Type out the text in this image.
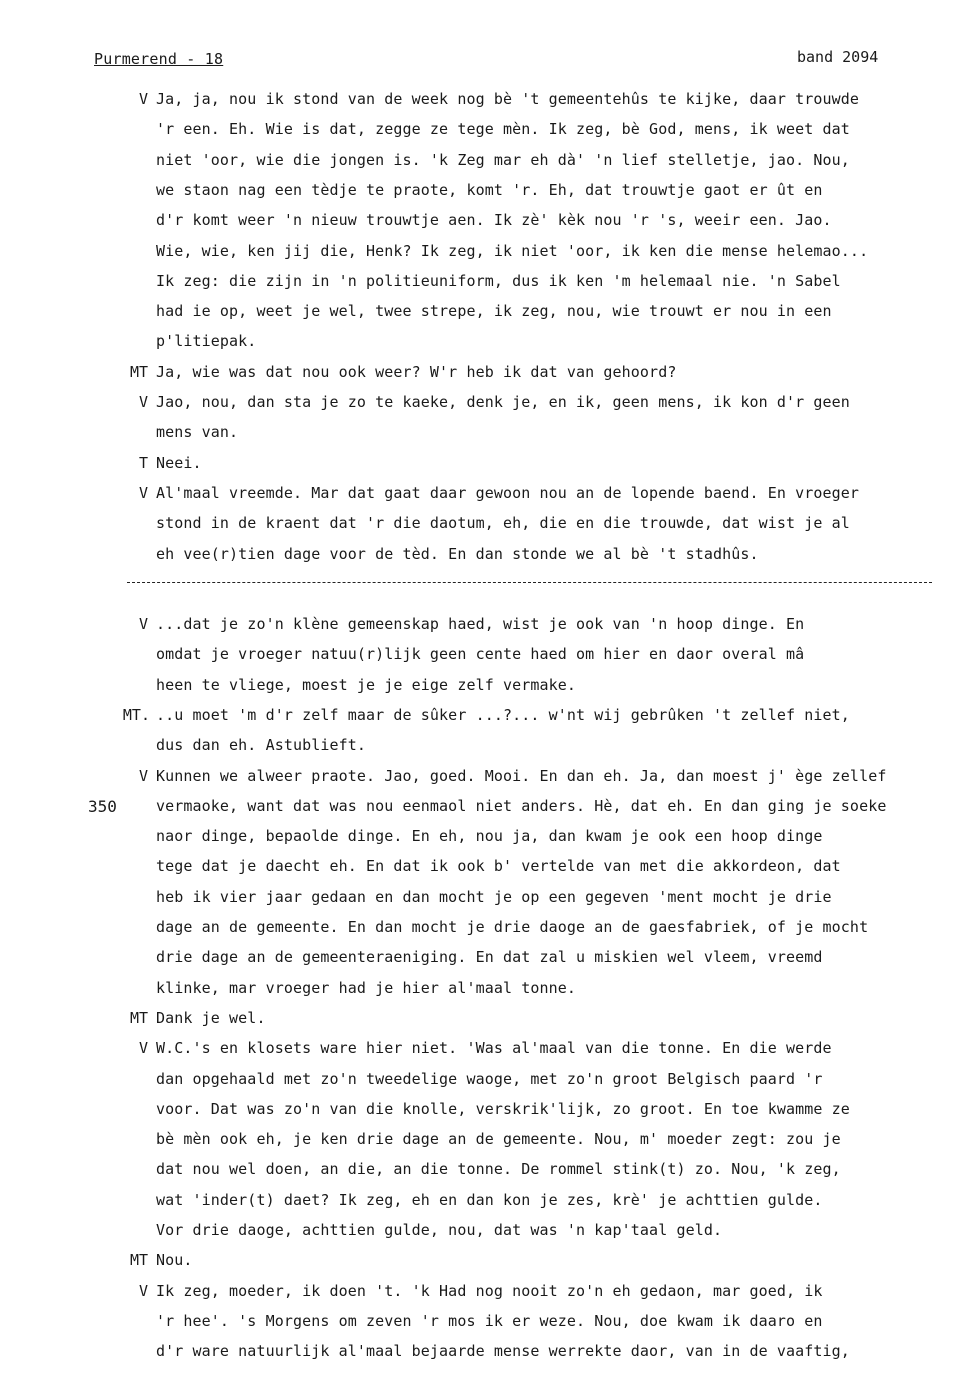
Purmerend - 18	band 2094
V Ja, ja, nou ik stond van de week nog bè 't gemeentehûs te kijke, daar trouwde
'r een. Eh. Wie is dat, zegge ze tege mèn. Ik zeg, bè God, mens, ik weet dat
niet 'oor, wie die jongen is. 'k Zeg mar eh dà' 'n lief stelletje, jao. Nou,
we staon nag een tèdje te praote, komt 'r. Eh, dat trouwtje gaot er ût en
d'r komt weer 'n nieuw trouwtje aen. Ik zè' kèk nou 'r 's, weeir een. Jao.
Wie, wie, ken jij die, Henk? Ik zeg, ik niet 'oor, ik ken die mense helemao...
Ik zeg: die zijn in 'n politieuniform, dus ik ken 'm helemaal nie. 'n Sabel
had ie op, weet je wel, twee strepe, ik zeg, nou, wie trouwt er nou in een
p'litiepak.
MT Ja, wie was dat nou ook weer? W'r heb ik dat van gehoord?
V Jao, nou, dan sta je zo te kaeke, denk je, en ik, geen mens, ik kon d'r geen
mens van.
T Neei.
V Al'maal vreemde. Mar dat gaat daar gewoon nou an de lopende baend. En vroeger
stond in de kraent dat 'r die daotum, eh, die en die trouwde, dat wist je al
eh vee(r)tien dage voor de tèd. En dan stonde we al bè 't stadhûs.
V ...dat je zo'n klène gemeenskap haed, wist je ook van 'n hoop dinge. En
omdat je vroeger natuu(r)lijk geen cente haed om hier en daor overal mâ
heen te vliege, moest je je eige zelf vermake.
MT. ..u moet 'm d'r zelf maar de sûker ...?... w'nt wij gebrûken 't zellef niet,
dus dan eh. Astublieft.
V Kunnen we alweer praote. Jao, goed. Mooi. En dan eh. Ja, dan moest j' ège zellef
vermaoke, want dat was nou eenmaol niet anders. Hè, dat eh. En dan ging je soeke
350
naor dinge, bepaolde dinge. En eh, nou ja, dan kwam je ook een hoop dinge
tege dat je daecht eh. En dat ik ook b' vertelde van met die akkordeon, dat
heb ik vier jaar gedaan en dan mocht je op een gegeven 'ment mocht je drie
dage an de gemeente. En dan mocht je drie daoge an de gaesfabriek, of je mocht
drie dage an de gemeenteraeniging. En dat zal u miskien wel vleem, vreemd
klinke, mar vroeger had je hier al'maal tonne.
MT Dank je wel.
V W.C.'s en klosets ware hier niet. 'Was al'maal van die tonne. En die werde
dan opgehaald met zo'n tweedelige waoge, met zo'n groot Belgisch paard 'r
voor. Dat was zo'n van die knolle, verskrik'lijk, zo groot. En toe kwamme ze
bè mèn ook eh, je ken drie dage an de gemeente. Nou, m' moeder zegt: zou je
dat nou wel doen, an die, an die tonne. De rommel stink(t) zo. Nou, 'k zeg,
wat 'inder(t) daet? Ik zeg, eh en dan kon je zes, krè' je achttien gulde.
Vor drie daoge, achttien gulde, nou, dat was 'n kap'taal geld.
MT Nou.
V Ik zeg, moeder, ik doen 't. 'k Had nog nooit zo'n eh gedaon, mar goed, ik
'r hee'. 's Morgens om zeven 'r mos ik er weze. Nou, doe kwam ik daaro en
d'r ware natuurlijk al'maal bejaarde mense werrekte daor, van in de vaaftig,
